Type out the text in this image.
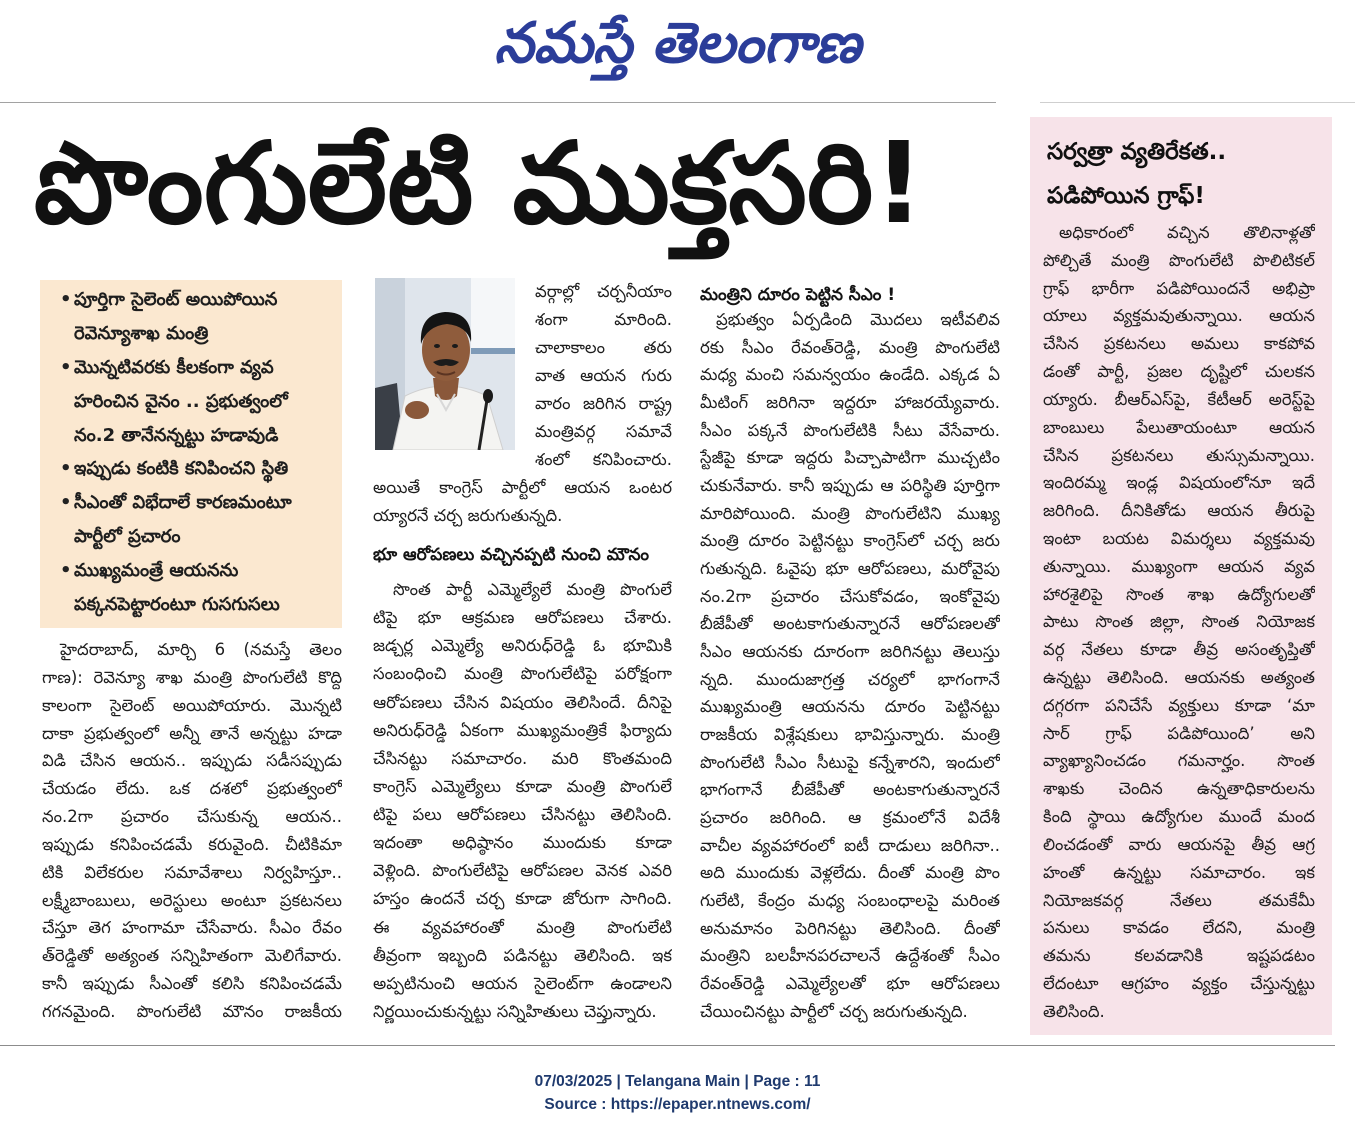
నమస్తే తెలంగాణ
పొంగులేటి ముక్తసరి!
• పూర్తిగా సైలెంట్ అయిపోయిన
రెవెన్యూశాఖ మంత్రి
• మొన్నటివరకు కీలకంగా వ్యవ
హరించిన వైనం .. ప్రభుత్వంలో
నం.2 తానేనన్నట్టు హడావుడి
• ఇప్పుడు కంటికి కనిపించని స్థితి
• సీఎంతో విభేదాలే కారణమంటూ
పార్టీలో ప్రచారం
• ముఖ్యమంత్రే ఆయనను
పక్కనపెట్టారంటూ గుసగుసలు
హైదరాబాద్, మార్చి 6 (నమస్తే తెలం
గాణ): రెవెన్యూ శాఖ మంత్రి పొంగులేటి కొద్ది
కాలంగా సైలెంట్ అయిపోయారు. మొన్నటి
దాకా ప్రభుత్వంలో అన్నీ తానే అన్నట్టు హడా
విడి చేసిన ఆయన.. ఇప్పుడు సడీసప్పుడు
చేయడం లేదు. ఒక దశలో ప్రభుత్వంలో
నం.2గా ప్రచారం చేసుకున్న ఆయన..
ఇప్పుడు కనిపించడమే కరువైంది. చీటికిమా
టికి విలేకరుల సమావేశాలు నిర్వహిస్తూ..
లక్ష్మీబాంబులు, అరెస్టులు అంటూ ప్రకటనలు
చేస్తూ తెగ హంగామా చేసేవారు. సీఎం రేవం
త్‌రెడ్డితో అత్యంత సన్నిహితంగా మెలిగేవారు.
కానీ ఇప్పుడు సీఎంతో కలిసి కనిపించడమే
గగనమైంది. పొంగులేటి మౌనం రాజకీయ
వర్గాల్లో చర్చనీయాం
శంగా మారింది.
చాలాకాలం తరు
వాత ఆయన గురు
వారం జరిగిన రాష్ట్ర
మంత్రివర్గ సమావే
శంలో కనిపించారు.
అయితే కాంగ్రెస్ పార్టీలో ఆయన ఒంటర
య్యారనే చర్చ జరుగుతున్నది.
భూ ఆరోపణలు వచ్చినప్పటి నుంచి మౌనం
సొంత పార్టీ ఎమ్మెల్యేలే మంత్రి పొంగులే
టిపై భూ ఆక్రమణ ఆరోపణలు చేశారు.
జడ్చర్ల ఎమ్మెల్యే అనిరుధ్‌రెడ్డి ఓ భూమికి
సంబంధించి మంత్రి పొంగులేటిపై పరోక్షంగా
ఆరోపణలు చేసిన విషయం తెలిసిందే. దీనిపై
అనిరుధ్‌రెడ్డి ఏకంగా ముఖ్యమంత్రికే ఫిర్యాదు
చేసినట్టు సమాచారం. మరి కొంతమంది
కాంగ్రెస్ ఎమ్మెల్యేలు కూడా మంత్రి పొంగులే
టిపై పలు ఆరోపణలు చేసినట్టు తెలిసింది.
ఇదంతా అధిష్ఠానం ముందుకు కూడా
వెళ్లింది. పొంగులేటిపై ఆరోపణల వెనక ఎవరి
హస్తం ఉందనే చర్చ కూడా జోరుగా సాగింది.
ఈ వ్యవహారంతో మంత్రి పొంగులేటి
తీవ్రంగా ఇబ్బంది పడినట్టు తెలిసింది. ఇక
అప్పటినుంచి ఆయన సైలెంట్‌గా ఉండాలని
నిర్ణయించుకున్నట్టు సన్నిహితులు చెప్తున్నారు.
మంత్రిని దూరం పెట్టిన సీఎం !
ప్రభుత్వం ఏర్పడింది మొదలు ఇటీవలివ
రకు సీఎం రేవంత్‌రెడ్డి, మంత్రి పొంగులేటి
మధ్య మంచి సమన్వయం ఉండేది. ఎక్కడ ఏ
మీటింగ్ జరిగినా ఇద్దరూ హాజరయ్యేవారు.
సీఎం పక్కనే పొంగులేటికి సీటు వేసేవారు.
స్టేజీపై కూడా ఇద్దరు పిచ్చాపాటిగా ముచ్చటిం
చుకునేవారు. కానీ ఇప్పుడు ఆ పరిస్థితి పూర్తిగా
మారిపోయింది. మంత్రి పొంగులేటిని ముఖ్య
మంత్రి దూరం పెట్టినట్టు కాంగ్రెస్‌లో చర్చ జరు
గుతున్నది. ఓవైపు భూ ఆరోపణలు, మరోవైపు
నం.2గా ప్రచారం చేసుకోవడం, ఇంకోవైపు
బీజేపీతో అంటకాగుతున్నారనే ఆరోపణలతో
సీఎం ఆయనకు దూరంగా జరిగినట్టు తెలుస్తు
న్నది. ముందుజాగ్రత్త చర్యలో భాగంగానే
ముఖ్యమంత్రి ఆయనను దూరం పెట్టినట్టు
రాజకీయ విశ్లేషకులు భావిస్తున్నారు. మంత్రి
పొంగులేటి సీఎం సీటుపై కన్నేశారని, ఇందులో
భాగంగానే బీజేపీతో అంటకాగుతున్నారనే
ప్రచారం జరిగింది. ఆ క్రమంలోనే విదేశీ
వాచీల వ్యవహారంలో ఐటీ దాడులు జరిగినా..
అది ముందుకు వెళ్లలేదు. దీంతో మంత్రి పొం
గులేటి, కేంద్రం మధ్య సంబంధాలపై మరింత
అనుమానం పెరిగినట్టు తెలిసింది. దీంతో
మంత్రిని బలహీనపరచాలనే ఉద్దేశంతో సీఎం
రేవంత్‌రెడ్డి ఎమ్మెల్యేలతో భూ ఆరోపణలు
చేయించినట్టు పార్టీలో చర్చ జరుగుతున్నది.
సర్వత్రా వ్యతిరేకత..
పడిపోయిన గ్రాఫ్!
అధికారంలో వచ్చిన తొలినాళ్లతో
పోల్చితే మంత్రి పొంగులేటి పొలిటికల్
గ్రాఫ్ భారీగా పడిపోయిందనే అభిప్రా
యాలు వ్యక్తమవుతున్నాయి. ఆయన
చేసిన ప్రకటనలు అమలు కాకపోవ
డంతో పార్టీ, ప్రజల దృష్టిలో చులకన
య్యారు. బీఆర్‌ఎస్‌పై, కేటీఆర్ అరెస్ట్‌పై
బాంబులు పేలుతాయంటూ ఆయన
చేసిన ప్రకటనలు తుస్సుమన్నాయి.
ఇందిరమ్మ ఇండ్ల విషయంలోనూ ఇదే
జరిగింది. దీనికితోడు ఆయన తీరుపై
ఇంటా బయట విమర్శలు వ్యక్తమవు
తున్నాయి. ముఖ్యంగా ఆయన వ్యవ
హారశైలిపై సొంత శాఖ ఉద్యోగులతో
పాటు సొంత జిల్లా, సొంత నియోజక
వర్గ నేతలు కూడా తీవ్ర అసంతృప్తితో
ఉన్నట్టు తెలిసింది. ఆయనకు అత్యంత
దగ్గరగా పనిచేసే వ్యక్తులు కూడా ‘మా
సార్ గ్రాఫ్ పడిపోయింది’ అని
వ్యాఖ్యానించడం గమనార్హం. సొంత
శాఖకు చెందిన ఉన్నతాధికారులను
కింది స్థాయి ఉద్యోగుల ముందే మంద
లించడంతో వారు ఆయనపై తీవ్ర ఆగ్ర
హంతో ఉన్నట్టు సమాచారం. ఇక
నియోజకవర్గ నేతలు తమకేమీ
పనులు కావడం లేదని, మంత్రి
తమను కలవడానికి ఇష్టపడటం
లేదంటూ ఆగ్రహం వ్యక్తం చేస్తున్నట్టు
తెలిసింది.
07/03/2025 | Telangana Main | Page : 11
Source : https://epaper.ntnews.com/
